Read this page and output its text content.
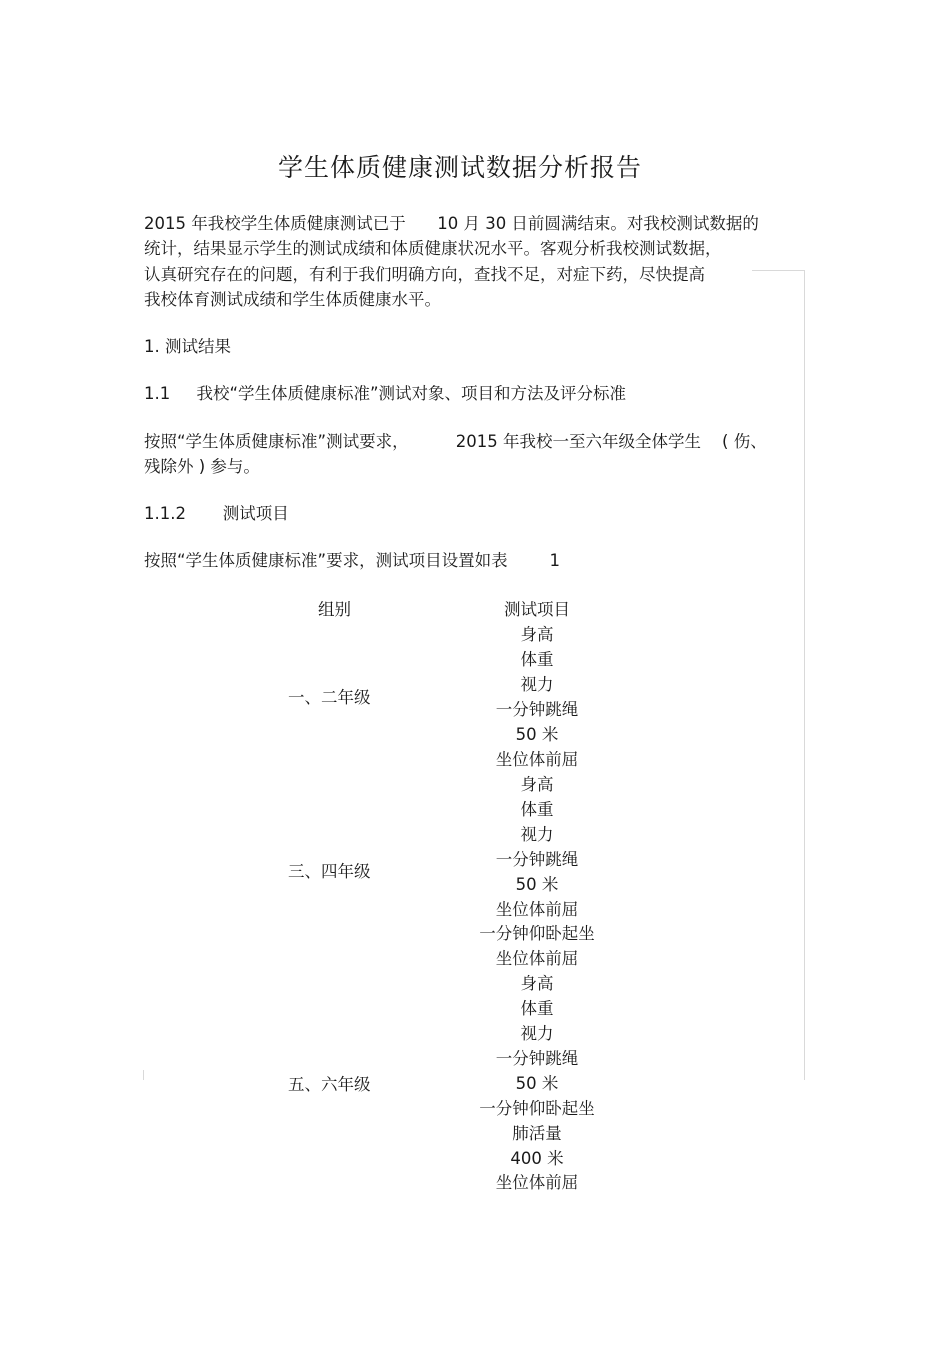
学生体质健康测试数据分析报告

2015 年我校学生体质健康测试已于      10 月 30 日前圆满结束。对我校测试数据的

统计，结果显示学生的测试成绩和体质健康状况水平。客观分析我校测试数据，

认真研究存在的问题，有利于我们明确方向，查找不足，对症下药，尽快提高

我校体育测试成绩和学生体质健康水平。

1. 测试结果

1.1     我校“学生体质健康标准”测试对象、项目和方法及评分标准

按照“学生体质健康标准”测试要求，         2015 年我校一至六年级全体学生    ( 伤、

残除外 ) 参与。

1.1.2       测试项目

按照“学生体质健康标准”要求，测试项目设置如表        1

组别	测试项目
一、二年级
身高
体重
视力
一分钟跳绳
50 米
坐位体前屈
三、四年级
身高
体重
视力
一分钟跳绳
50 米
坐位体前屈
一分钟仰卧起坐
五、六年级
坐位体前屈
身高
体重
视力
一分钟跳绳
50 米
一分钟仰卧起坐
肺活量
400 米
坐位体前屈
